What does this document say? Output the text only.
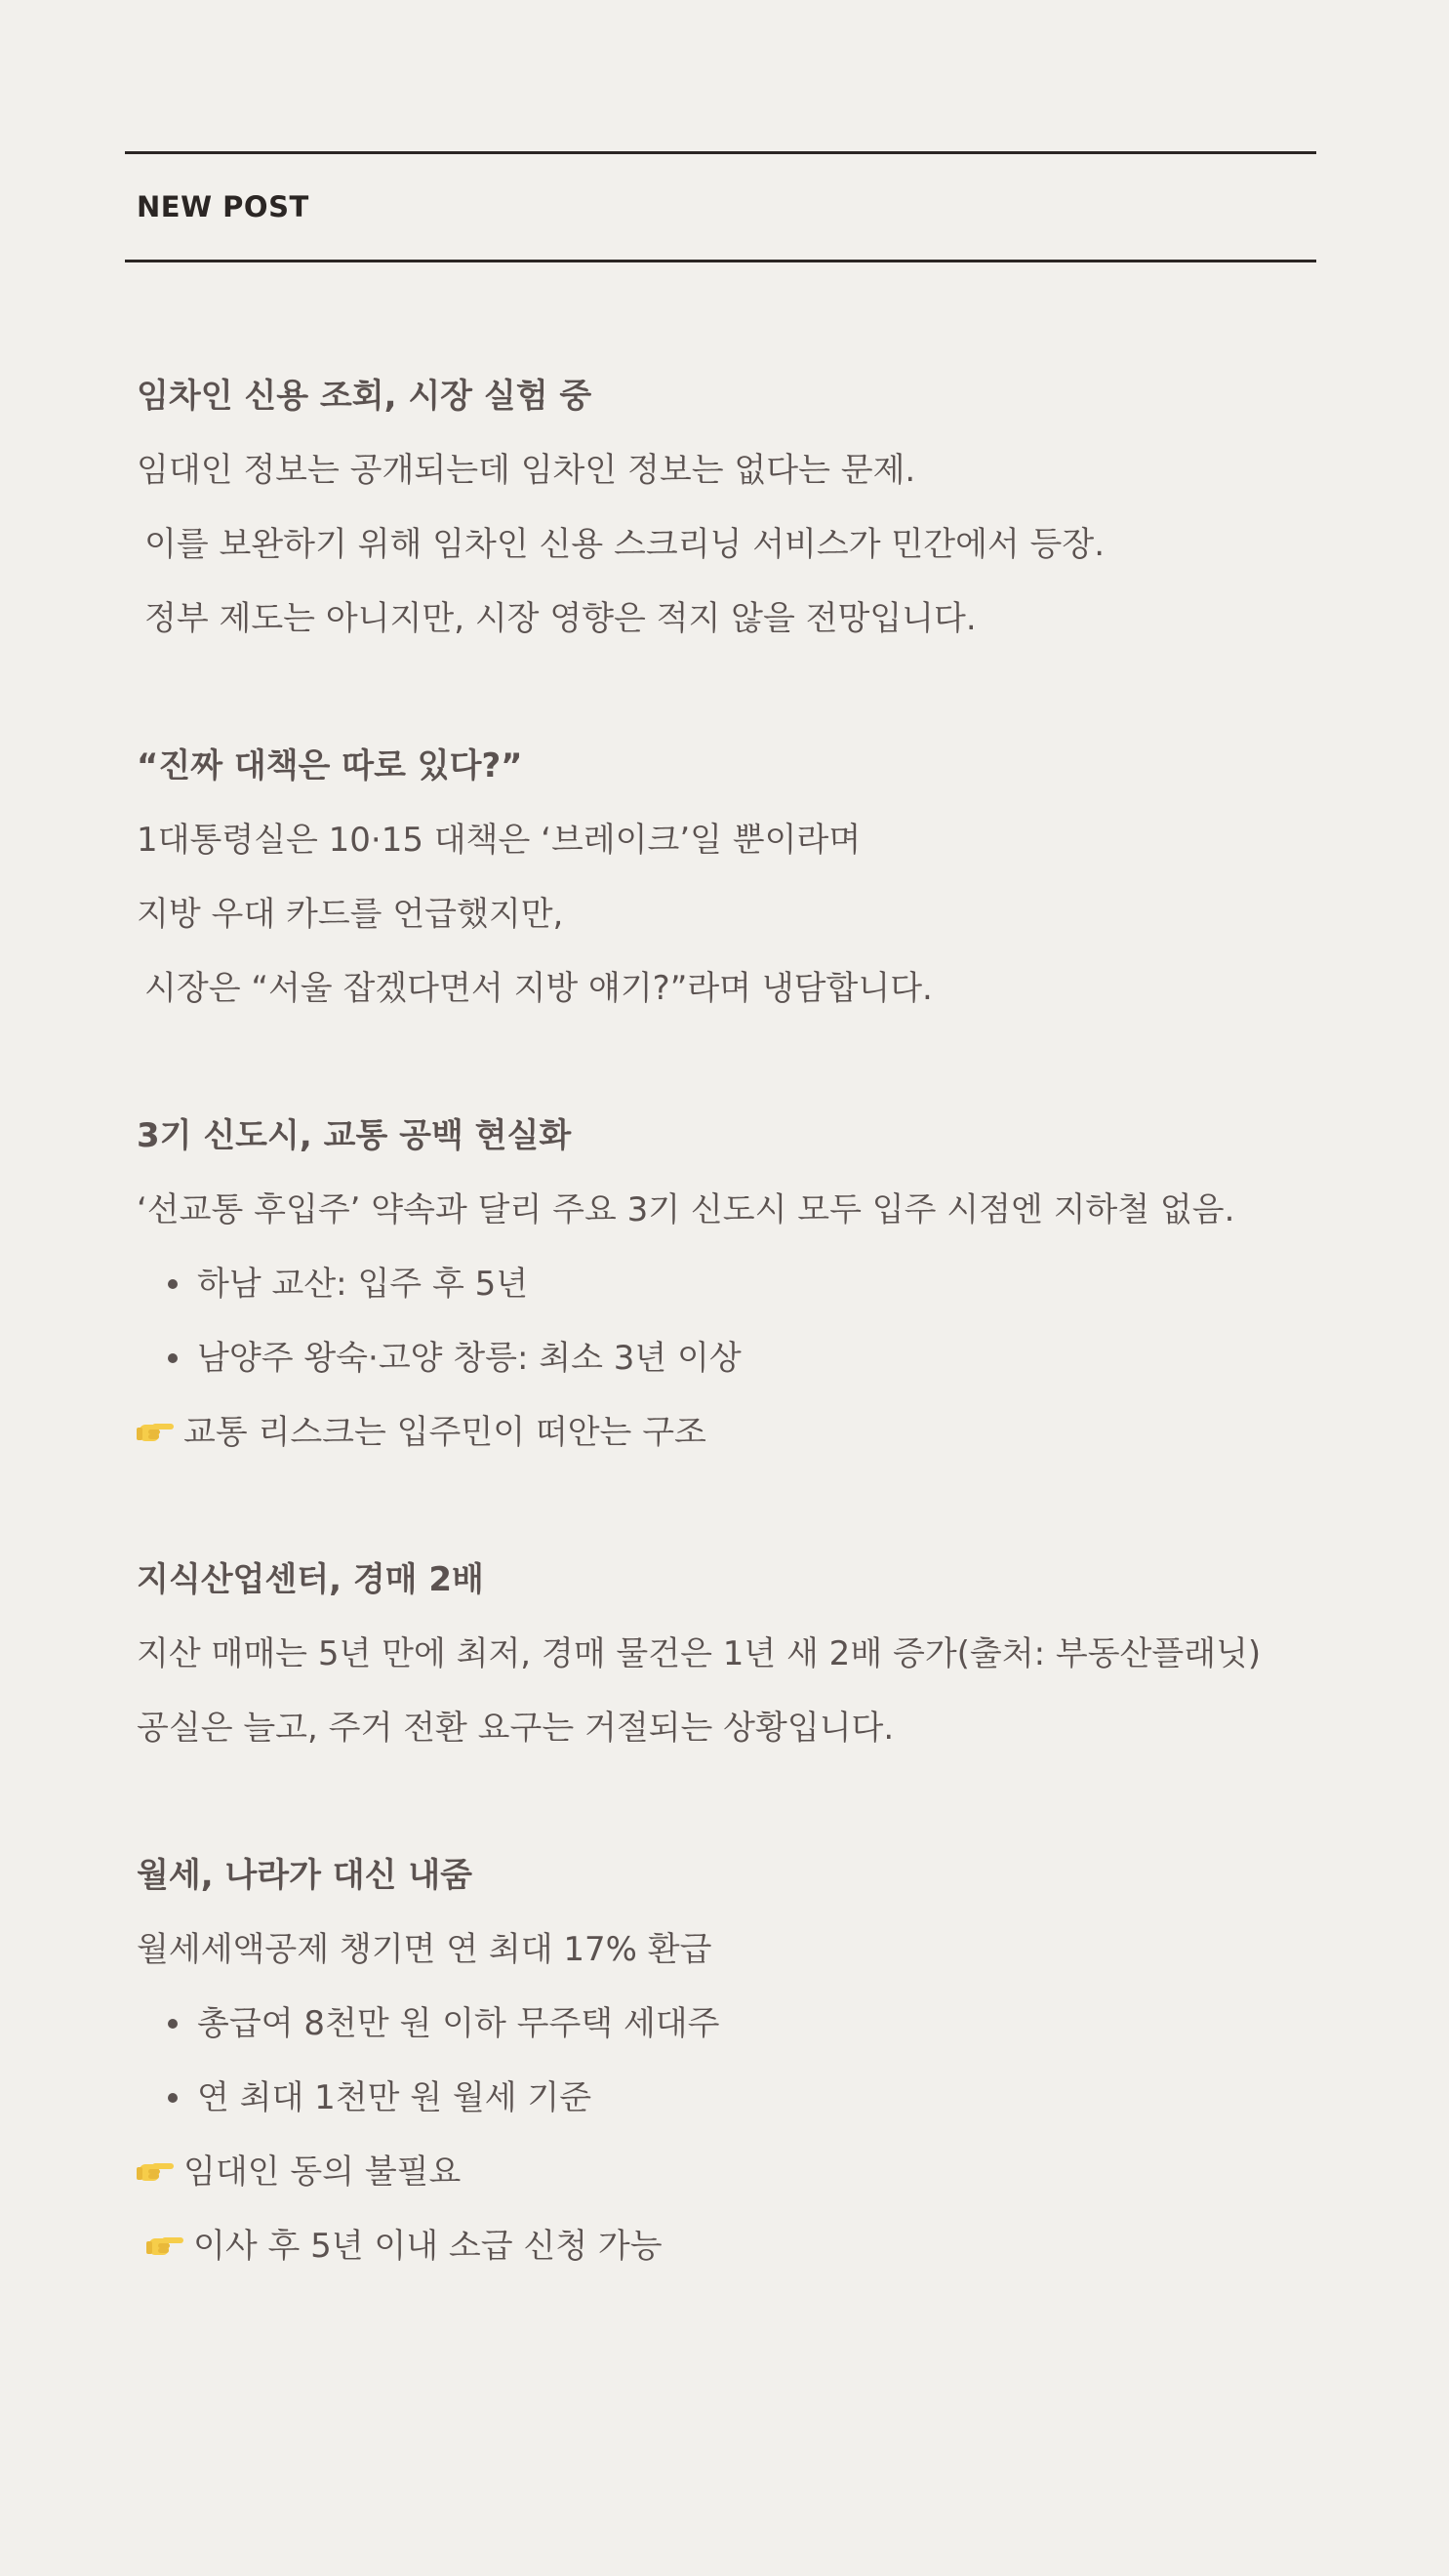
NEW POST
임차인 신용 조회, 시장 실험 중
임대인 정보는 공개되는데 임차인 정보는 없다는 문제.
이를 보완하기 위해 임차인 신용 스크리닝 서비스가 민간에서 등장.
정부 제도는 아니지만, 시장 영향은 적지 않을 전망입니다.
“진짜 대책은 따로 있다?”
1대통령실은 10·15 대책은 ‘브레이크’일 뿐이라며
지방 우대 카드를 언급했지만,
시장은 “서울 잡겠다면서 지방 얘기?”라며 냉담합니다.
3기 신도시, 교통 공백 현실화
‘선교통 후입주’ 약속과 달리 주요 3기 신도시 모두 입주 시점엔 지하철 없음.
하남 교산: 입주 후 5년
남양주 왕숙·고양 창릉: 최소 3년 이상
교통 리스크는 입주민이 떠안는 구조
지식산업센터, 경매 2배
지산 매매는 5년 만에 최저, 경매 물건은 1년 새 2배 증가(출처: 부동산플래닛)
공실은 늘고, 주거 전환 요구는 거절되는 상황입니다.
월세, 나라가 대신 내줌
월세세액공제 챙기면 연 최대 17% 환급
총급여 8천만 원 이하 무주택 세대주
연 최대 1천만 원 월세 기준
임대인 동의 불필요
이사 후 5년 이내 소급 신청 가능
